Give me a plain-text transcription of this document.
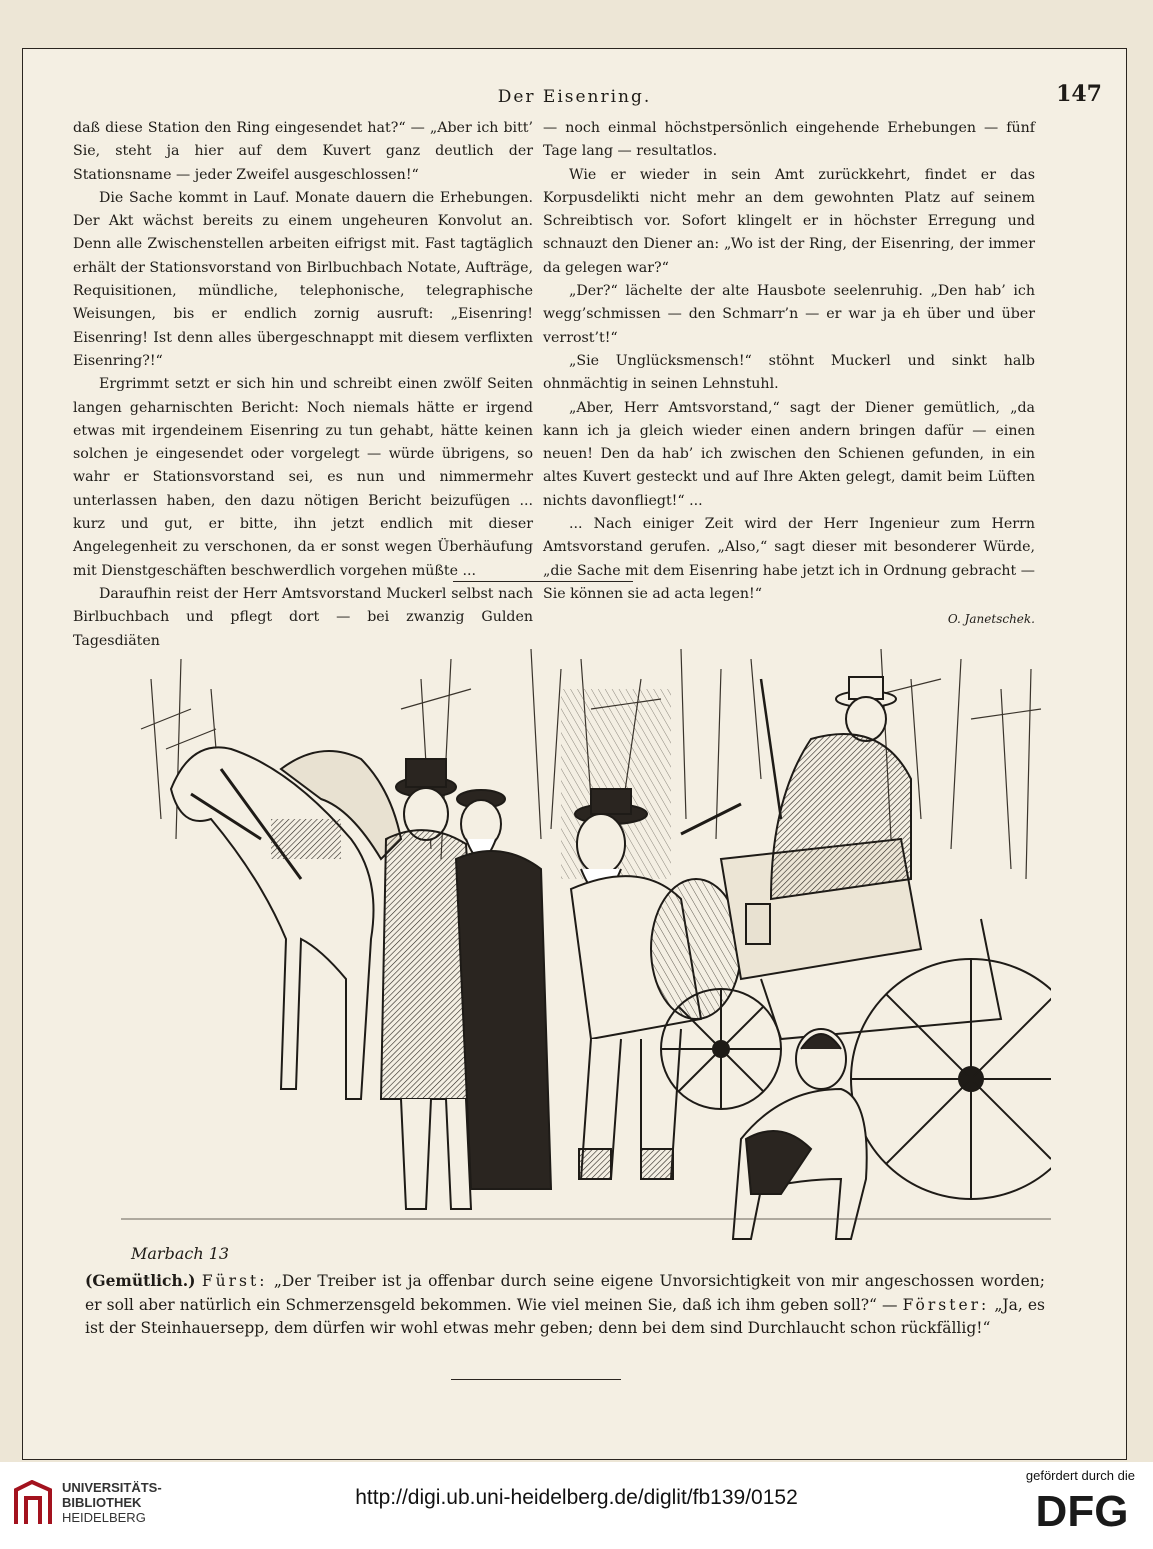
Der Eisenring.	147

daß diese Station den Ring eingesendet hat?“ — „Aber ich bitt’ Sie, steht ja hier auf dem Kuvert ganz deutlich der Stationsname — jeder Zweifel ausgeschlossen!“

Die Sache kommt in Lauf. Monate dauern die Erhebungen. Der Akt wächst bereits zu einem ungeheuren Konvolut an. Denn alle Zwischenstellen arbeiten eifrigst mit. Fast tagtäglich erhält der Stationsvorstand von Birlbuchbach Notate, Aufträge, Requisitionen, mündliche, telephonische, telegraphische Weisungen, bis er endlich zornig ausruft: „Eisenring! Eisenring! Ist denn alles übergeschnappt mit diesem verflixten Eisenring?!“

Ergrimmt setzt er sich hin und schreibt einen zwölf Seiten langen geharnischten Bericht: Noch niemals hätte er irgend etwas mit irgendeinem Eisenring zu tun gehabt, hätte keinen solchen je eingesendet oder vorgelegt — würde übrigens, so wahr er Stationsvorstand sei, es nun und nimmermehr unterlassen haben, den dazu nötigen Bericht beizufügen ... kurz und gut, er bitte, ihn jetzt endlich mit dieser Angelegenheit zu verschonen, da er sonst wegen Überhäufung mit Dienstgeschäften beschwerdlich vorgehen müßte ...

Daraufhin reist der Herr Amtsvorstand Muckerl selbst nach Birlbuchbach und pflegt dort — bei zwanzig Gulden Tagesdiäten

— noch einmal höchstpersönlich eingehende Erhebungen — fünf Tage lang — resultatlos.

Wie er wieder in sein Amt zurückkehrt, findet er das Korpusdelikti nicht mehr an dem gewohnten Platz auf seinem Schreibtisch vor. Sofort klingelt er in höchster Erregung und schnauzt den Diener an: „Wo ist der Ring, der Eisenring, der immer da gelegen war?“

„Der?“ lächelte der alte Hausbote seelenruhig. „Den hab’ ich wegg’schmissen — den Schmarr’n — er war ja eh über und über verrost’t!“

„Sie Unglücksmensch!“ stöhnt Muckerl und sinkt halb ohnmächtig in seinen Lehnstuhl.

„Aber, Herr Amtsvorstand,“ sagt der Diener gemütlich, „da kann ich ja gleich wieder einen andern bringen dafür — einen neuen! Den da hab’ ich zwischen den Schienen gefunden, in ein altes Kuvert gesteckt und auf Ihre Akten gelegt, damit beim Lüften nichts davonfliegt!“ ...

... Nach einiger Zeit wird der Herr Ingenieur zum Herrn Amtsvorstand gerufen. „Also,“ sagt dieser mit besonderer Würde, „die Sache mit dem Eisenring habe jetzt ich in Ordnung gebracht — Sie können sie ad acta legen!“

O. Janetschek.
Marbach 13
(Gemütlich.) Fürst: „Der Treiber ist ja offenbar durch seine eigene Unvorsichtigkeit von mir angeschossen worden; er soll aber natürlich ein Schmerzensgeld bekommen. Wie viel meinen Sie, daß ich ihm geben soll?“ — Förster: „Ja, es ist der Steinhauersepp, dem dürfen wir wohl etwas mehr geben; denn bei dem sind Durchlaucht schon rückfällig!“
UNIVERSITÄTS-
BIBLIOTHEK
HEIDELBERG
http://digi.ub.uni-heidelberg.de/diglit/fb139/0152
gefördert durch die
DFG
